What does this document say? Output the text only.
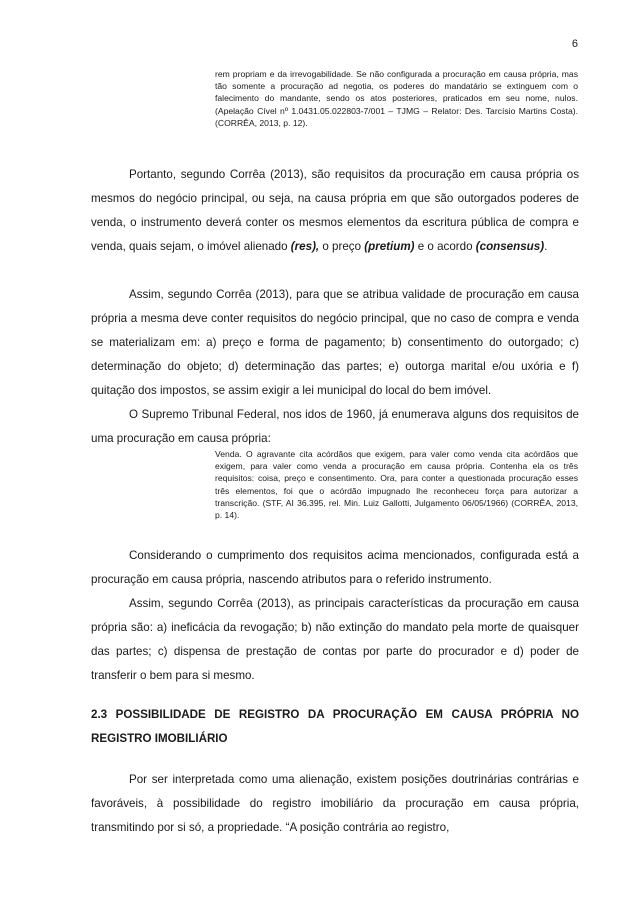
6

rem propriam e da irrevogabilidade. Se não configurada a procuração em causa própria, mas tão somente a procuração ad negotia, os poderes do mandatário se extinguem com o falecimento do mandante, sendo os atos posteriores, praticados em seu nome, nulos. (Apelação Cível nº 1.0431.05.022803-7/001 – TJMG – Relator: Des. Tarcísio Martins Costa). (CORRÊA, 2013, p. 12).

Portanto, segundo Corrêa (2013), são requisitos da procuração em causa própria os mesmos do negócio principal, ou seja, na causa própria em que são outorgados poderes de venda, o instrumento deverá conter os mesmos elementos da escritura pública de compra e venda, quais sejam, o imóvel alienado (res), o preço (pretium) e o acordo (consensus).

Assim, segundo Corrêa (2013), para que se atribua validade de procuração em causa própria a mesma deve conter requisitos do negócio principal, que no caso de compra e venda se materializam em: a) preço e forma de pagamento; b) consentimento do outorgado; c) determinação do objeto; d) determinação das partes; e) outorga marital e/ou uxória e f) quitação dos impostos, se assim exigir a lei municipal do local do bem imóvel.

O Supremo Tribunal Federal, nos idos de 1960, já enumerava alguns dos requisitos de uma procuração em causa própria:

Venda. O agravante cita acórdãos que exigem, para valer como venda cita acórdãos que exigem, para valer como venda a procuração em causa própria. Contenha ela os três requisitos: coisa, preço e consentimento. Ora, para conter a questionada procuração esses três elementos, foi que o acórdão impugnado lhe reconheceu força para autorizar a transcrição. (STF, AI 36.395, rel. Min. Luiz Gallotti, Julgamento 06/05/1966) (CORRÊA, 2013, p. 14).

Considerando o cumprimento dos requisitos acima mencionados, configurada está a procuração em causa própria, nascendo atributos para o referido instrumento.

Assim, segundo Corrêa (2013), as principais características da procuração em causa própria são: a) ineficácia da revogação; b) não extinção do mandato pela morte de quaisquer das partes; c) dispensa de prestação de contas por parte do procurador e d) poder de transferir o bem para si mesmo.

2.3 POSSIBILIDADE DE REGISTRO DA PROCURAÇÃO EM CAUSA PRÓPRIA NO REGISTRO IMOBILIÁRIO

Por ser interpretada como uma alienação, existem posições doutrinárias contrárias e favoráveis, à possibilidade do registro imobiliário da procuração em causa própria, transmitindo por si só, a propriedade. “A posição contrária ao registro,
